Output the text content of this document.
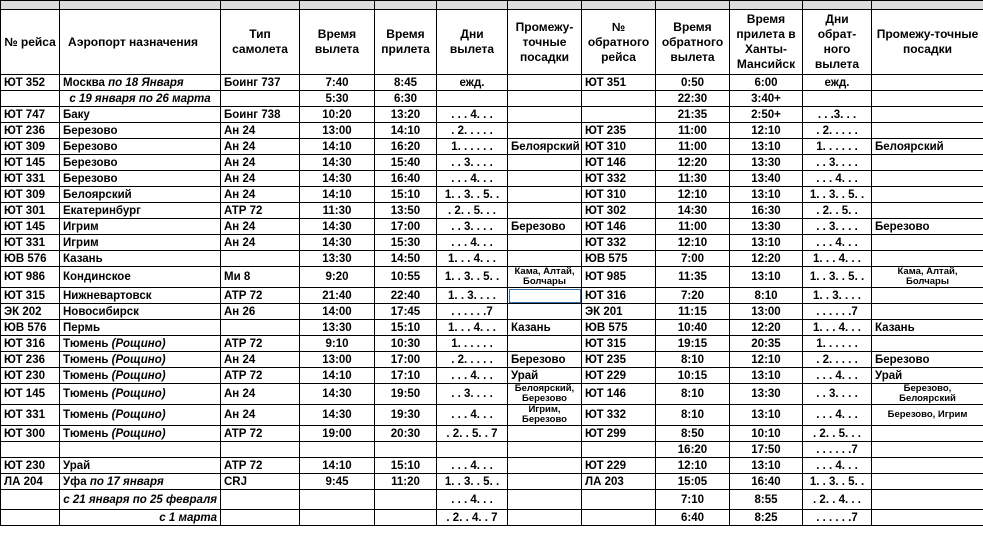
№ рейса	Аэропорт назначения	Тип самолета	Время вылета	Время прилета	Дни вылета	Промежу-точные посадки	№ обратного рейса	Время обратного вылета	Время прилета в Ханты-Мансийск	Дни обрат-ного вылета	Промежу-точные посадки
ЮТ 352	Москва по 18 Января	Боинг 737	7:40	8:45	ежд.		ЮТ 351	0:50	6:00	ежд.	
	с 19 января по 26 марта		5:30	6:30				22:30	3:40+		
ЮТ 747	Баку	Боинг 738	10:20	13:20	. . . 4. . .			21:35	2:50+	. . .3. . .	
ЮТ 236	Березово	Ан 24	13:00	14:10	. 2. . . . .		ЮТ 235	11:00	12:10	. 2. . . . .	
ЮТ 309	Березово	Ан 24	14:10	16:20	1. . . . . .	Белоярский	ЮТ 310	11:00	13:10	1. . . . . .	Белоярский
ЮТ 145	Березово	Ан 24	14:30	15:40	. . 3. . . .		ЮТ 146	12:20	13:30	. . 3. . . .	
ЮТ 331	Березово	Ан 24	14:30	16:40	. . . 4. . .		ЮТ 332	11:30	13:40	. . . 4. . .	
ЮТ 309	Белоярский	Ан 24	14:10	15:10	1. . 3. . 5. .		ЮТ 310	12:10	13:10	1. . 3. . 5. .	
ЮТ 301	Екатеринбург	АТР 72	11:30	13:50	. 2. . 5. . .		ЮТ 302	14:30	16:30	. 2. . 5. .	
ЮТ 145	Игрим	Ан 24	14:30	17:00	. . 3. . . .	Березово	ЮТ 146	11:00	13:30	. . 3. . . .	Березово
ЮТ 331	Игрим	Ан 24	14:30	15:30	. . . 4. . .		ЮТ 332	12:10	13:10	. . . 4. . .	
ЮВ 576	Казань		13:30	14:50	1. . . 4. . .		ЮВ 575	7:00	12:20	1. . . 4. . .	
ЮТ 986	Кондинское	Ми 8	9:20	10:55	1. . 3. . 5. .	Кама, Алтай, Болчары	ЮТ 985	11:35	13:10	1. . 3. . 5. .	Кама, Алтай, Болчары
ЮТ 315	Нижневартовск	АТР 72	21:40	22:40	1. . 3. . . .		ЮТ 316	7:20	8:10	1. . 3. . . .	
ЭК 202	Новосибирск	Ан 26	14:00	17:45	. . . . . .7		ЭК 201	11:15	13:00	. . . . . .7	
ЮВ 576	Пермь		13:30	15:10	1. . . 4. . .	Казань	ЮВ 575	10:40	12:20	1. . . 4. . .	Казань
ЮТ 316	Тюмень (Рощино)	АТР 72	9:10	10:30	1. . . . . .		ЮТ 315	19:15	20:35	1. . . . . .	
ЮТ 236	Тюмень (Рощино)	Ан 24	13:00	17:00	. 2. . . . .	Березово	ЮТ 235	8:10	12:10	. 2. . . . .	Березово
ЮТ 230	Тюмень (Рощино)	АТР 72	14:10	17:10	. . . 4. . .	Урай	ЮТ 229	10:15	13:10	. . . 4. . .	Урай
ЮТ 145	Тюмень (Рощино)	Ан 24	14:30	19:50	. . 3. . . .	Белоярский, Березово	ЮТ 146	8:10	13:30	. . 3. . . .	Березово, Белоярский
ЮТ 331	Тюмень (Рощино)	Ан 24	14:30	19:30	. . . 4. . .	Игрим, Березово	ЮТ 332	8:10	13:10	. . . 4. . .	Березово, Игрим
ЮТ 300	Тюмень (Рощино)	АТР 72	19:00	20:30	. 2. . 5. . 7		ЮТ 299	8:50	10:10	. 2. . 5. . .	
								16:20	17:50	. . . . . .7	
ЮТ 230	Урай	АТР 72	14:10	15:10	. . . 4. . .		ЮТ 229	12:10	13:10	. . . 4. . .	
ЛА 204	Уфа по 17 января	CRJ	9:45	11:20	1. . 3. . 5. .		ЛА 203	15:05	16:40	1. . 3. . 5. .	
	с 21 января по 25 февраля				. . . 4. . .			7:10	8:55	. 2. . 4. . .	
	с 1 марта				. 2. . 4. . 7			6:40	8:25	. . . . . .7	
